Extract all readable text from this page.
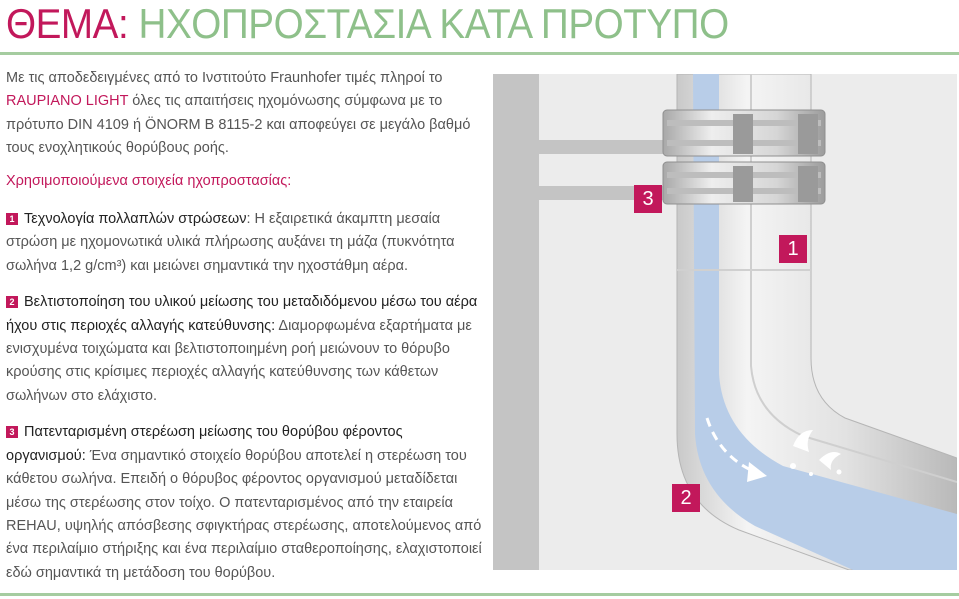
ΘΕΜΑ: ΗΧΟΠΡΟΣΤΑΣΙΑ ΚΑΤΑ ΠΡΟΤΥΠΟ

Με τις αποδεδειγμένες από το Ινστιτούτο Fraunhofer τιμές πληροί το RAUPIANO LIGHT όλες τις απαιτήσεις ηχομόνωσης σύμφωνα με το πρότυπο DIN 4109 ή ÖNORM B 8115-2 και αποφεύγει σε μεγάλο βαθμό τους ενοχλητικούς θορύβους ροής.

Χρησιμοποιούμενα στοιχεία ηχοπροστασίας:

1 Τεχνολογία πολλαπλών στρώσεων: Η εξαιρετικά άκαμπτη μεσαία στρώση με ηχομονωτικά υλικά πλήρωσης αυξάνει τη μάζα (πυκνότητα σωλήνα 1,2 g/cm³) και μειώνει σημαντικά την ηχοστάθμη αέρα.

2 Βελτιστοποίηση του υλικού μείωσης του μεταδιδόμενου μέσω του αέρα ήχου στις περιοχές αλλαγής κατεύθυνσης: Διαμορφωμένα εξαρτήματα με ενισχυμένα τοιχώματα και βελτιστοποιημένη ροή μειώνουν το θόρυβο κρούσης στις κρίσιμες περιοχές αλλαγής κατεύθυνσης των κάθετων σωλήνων στο ελάχιστο.

3 Πατενταρισμένη στερέωση μείωσης του θορύβου φέροντος οργανισμού: Ένα σημαντικό στοιχείο θορύβου αποτελεί η στερέωση του κάθετου σωλήνα. Επειδή ο θόρυβος φέροντος οργανισμού μεταδίδεται μέσω της στερέωσης στον τοίχο. Ο πατενταρισμένος από την εταιρεία REHAU, υψηλής απόσβεσης σφιγκτήρας στερέωσης, αποτελούμενος από ένα περιλαίμιο στήριξης και ένα περιλαίμιο σταθεροποίησης, ελαχιστοποιεί εδώ σημαντικά τη μετάδοση του θορύβου.

3
1
2
